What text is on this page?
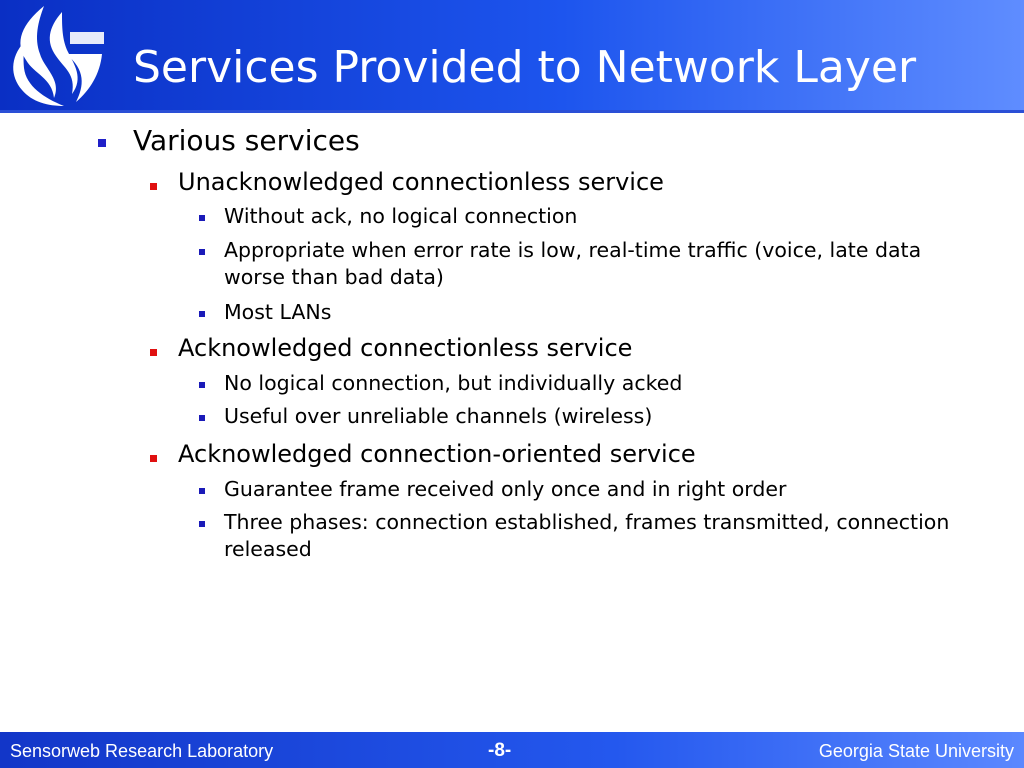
Services Provided to Network Layer
Various services
Unacknowledged connectionless service
Without ack, no logical connection
Appropriate when error rate is low, real-time traffic (voice, late data worse than bad data)
Most LANs
Acknowledged connectionless service
No logical connection, but individually acked
Useful over unreliable channels (wireless)
Acknowledged connection-oriented service
Guarantee frame received only once and in right order
Three phases: connection established, frames transmitted, connection released
Sensorweb Research Laboratory	-8-	Georgia State University
